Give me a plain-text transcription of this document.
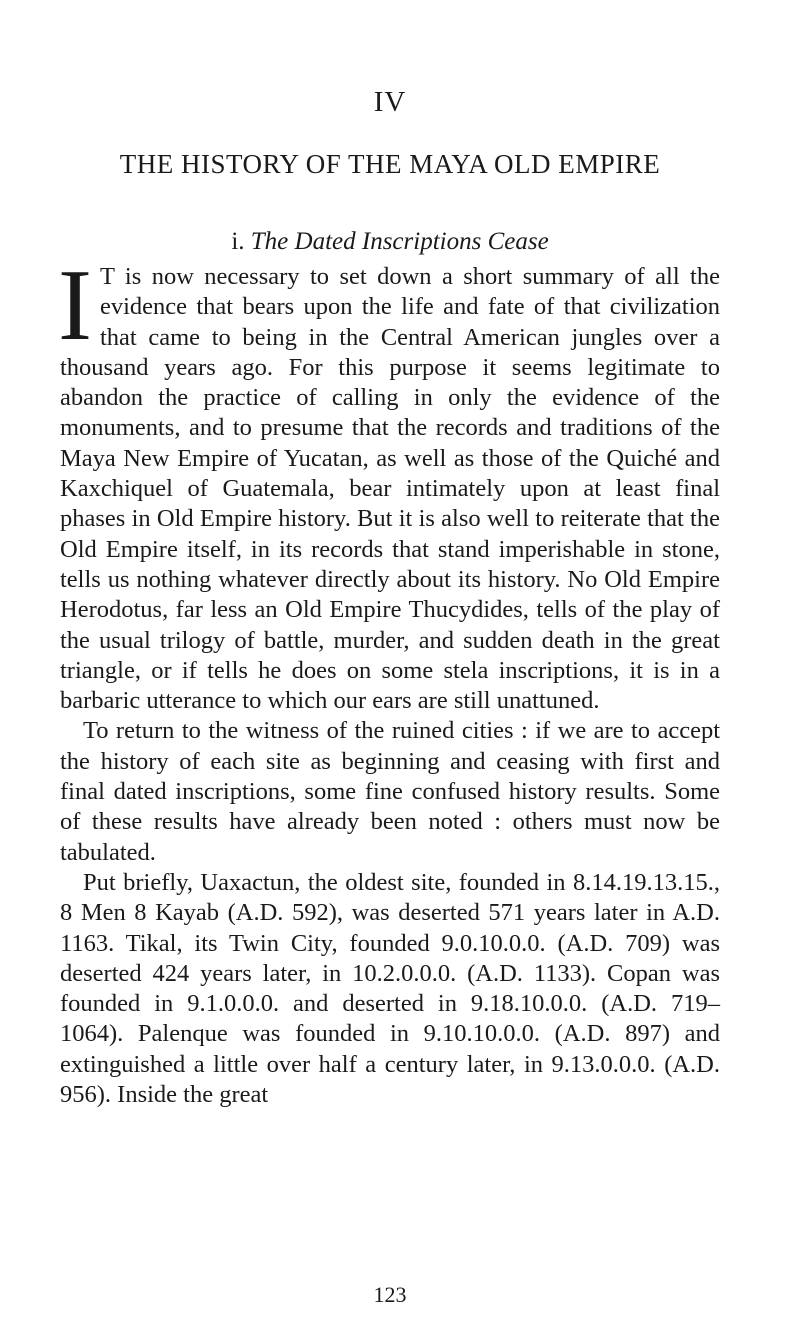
IV
THE HISTORY OF THE MAYA OLD EMPIRE
i. The Dated Inscriptions Cease

I T is now necessary to set down a short summary of all the evidence that bears upon the life and fate of that civilization that came to being in the Central American jungles over a thousand years ago. For this purpose it seems legitimate to abandon the practice of calling in only the evidence of the monuments, and to presume that the records and traditions of the Maya New Empire of Yucatan, as well as those of the Quiché and Kaxchiquel of Guatemala, bear intimately upon at least final phases in Old Empire history. But it is also well to reiterate that the Old Empire itself, in its records that stand imperishable in stone, tells us nothing whatever directly about its history. No Old Empire Herodotus, far less an Old Empire Thucydides, tells of the play of the usual trilogy of battle, murder, and sudden death in the great triangle, or if tells he does on some stela inscriptions, it is in a barbaric utterance to which our ears are still unattuned.

To return to the witness of the ruined cities : if we are to accept the history of each site as beginning and ceasing with first and final dated inscriptions, some fine confused history results. Some of these results have already been noted : others must now be tabulated.

Put briefly, Uaxactun, the oldest site, founded in 8.14.19.13.15., 8 Men 8 Kayab (A.D. 592), was deserted 571 years later in A.D. 1163. Tikal, its Twin City, founded 9.0.10.0.0. (A.D. 709) was deserted 424 years later, in 10.2.0.0.0. (A.D. 1133). Copan was founded in 9.1.0.0.0. and deserted in 9.18.10.0.0. (A.D. 719–1064). Palenque was founded in 9.10.10.0.0. (A.D. 897) and extinguished a little over half a century later, in 9.13.0.0.0. (A.D. 956). Inside the great

123
